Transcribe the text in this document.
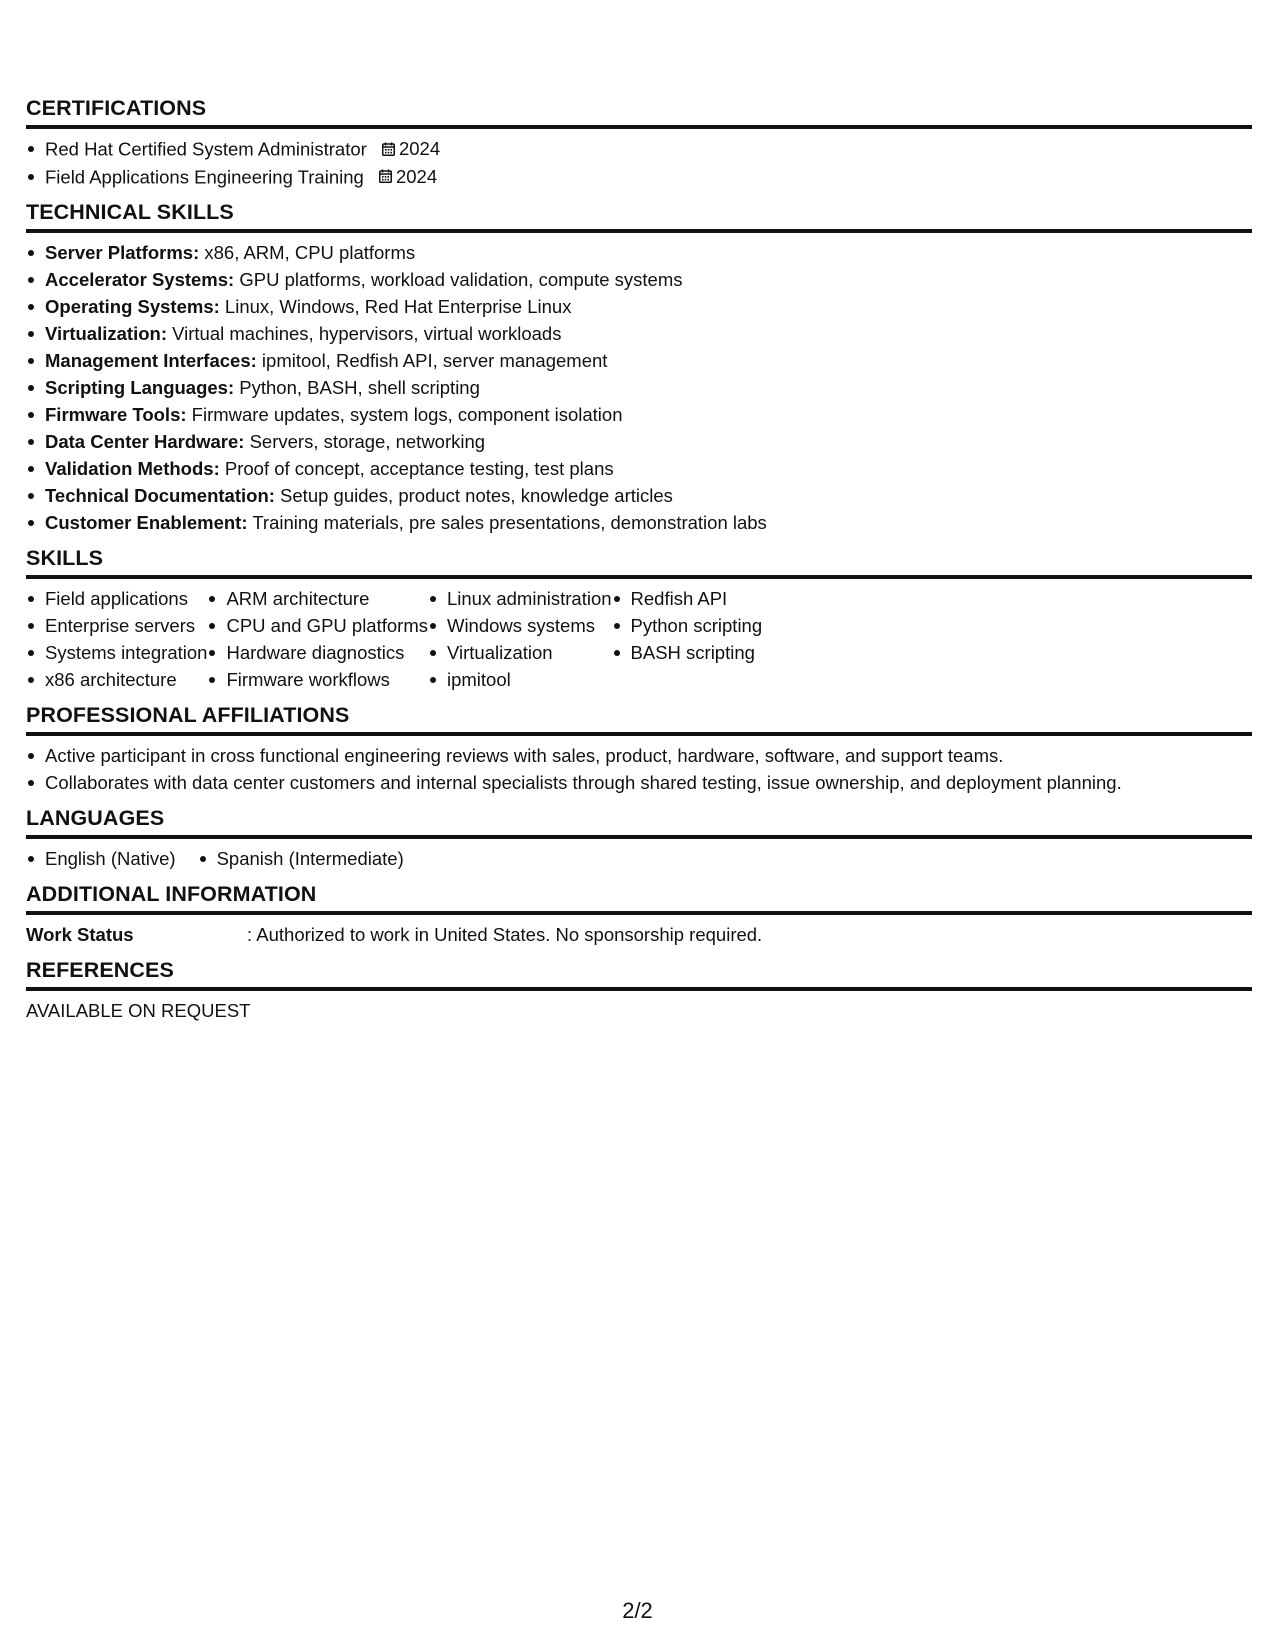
CERTIFICATIONS
Red Hat Certified System Administrator 2024
Field Applications Engineering Training 2024
TECHNICAL SKILLS
Server Platforms: x86, ARM, CPU platforms
Accelerator Systems: GPU platforms, workload validation, compute systems
Operating Systems: Linux, Windows, Red Hat Enterprise Linux
Virtualization: Virtual machines, hypervisors, virtual workloads
Management Interfaces: ipmitool, Redfish API, server management
Scripting Languages: Python, BASH, shell scripting
Firmware Tools: Firmware updates, system logs, component isolation
Data Center Hardware: Servers, storage, networking
Validation Methods: Proof of concept, acceptance testing, test plans
Technical Documentation: Setup guides, product notes, knowledge articles
Customer Enablement: Training materials, pre sales presentations, demonstration labs
SKILLS
Field applications
Enterprise servers
Systems integration
x86 architecture
ARM architecture
CPU and GPU platforms
Hardware diagnostics
Firmware workflows
Linux administration
Windows systems
Virtualization
ipmitool
Redfish API
Python scripting
BASH scripting
PROFESSIONAL AFFILIATIONS
Active participant in cross functional engineering reviews with sales, product, hardware, software, and support teams.
Collaborates with data center customers and internal specialists through shared testing, issue ownership, and deployment planning.
LANGUAGES
English (Native)	Spanish (Intermediate)
ADDITIONAL INFORMATION
Work Status	: Authorized to work in United States. No sponsorship required.
REFERENCES
AVAILABLE ON REQUEST
2/2
